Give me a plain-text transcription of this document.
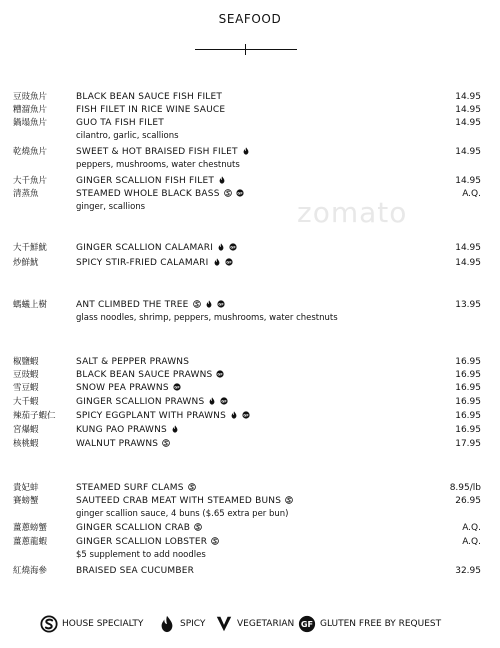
SEAFOOD
zomato
豆豉魚片	BLACK BEAN SAUCE FISH FILET	14.95
糟溜魚片	FISH FILET IN RICE WINE SAUCE	14.95
鍋塌魚片	GUO TA FISH FILET	14.95
cilantro, garlic, scallions
乾燒魚片	SWEET & HOT BRAISED FISH FILET	14.95
peppers, mushrooms, water chestnuts
大千魚片	GINGER SCALLION FISH FILET	14.95
清蒸魚	STEAMED WHOLE BLACK BASS GF	A.Q.
ginger, scallions
大千鮮魷	GINGER SCALLION CALAMARI GF	14.95
炒鮮魷	SPICY STIR-FRIED CALAMARI GF	14.95
螞蟻上樹	ANT CLIMBED THE TREE	GF	13.95
glass noodles, shrimp, peppers, mushrooms, water chestnuts
椒鹽蝦	SALT & PEPPER PRAWNS	16.95
豆豉蝦	BLACK BEAN SAUCE PRAWNS GF	16.95
雪豆蝦	SNOW PEA PRAWNS GF	16.95
大千蝦	GINGER SCALLION PRAWNS GF	16.95
辣茄子蝦仁 SPICY EGGPLANT WITH PRAWNS GF	16.95
宮爆蝦	KUNG PAO PRAWNS	16.95
核桃蝦	WALNUT PRAWNS	17.95
貴妃蚌	STEAMED SURF CLAMS	8.95/lb
賽螃蟹	SAUTEED CRAB MEAT WITH STEAMED BUNS	26.95
ginger scallion sauce, 4 buns ($.65 extra per bun)
薑蔥螃蟹	GINGER SCALLION CRAB	A.Q.
薑蔥龍蝦	GINGER SCALLION LOBSTER	A.Q.
$5 supplement to add noodles
紅燒海參	BRAISED SEA CUCUMBER	32.95
HOUSE SPECIALTY	SPICY	VEGETARIAN GF GLUTEN FREE BY REQUEST
